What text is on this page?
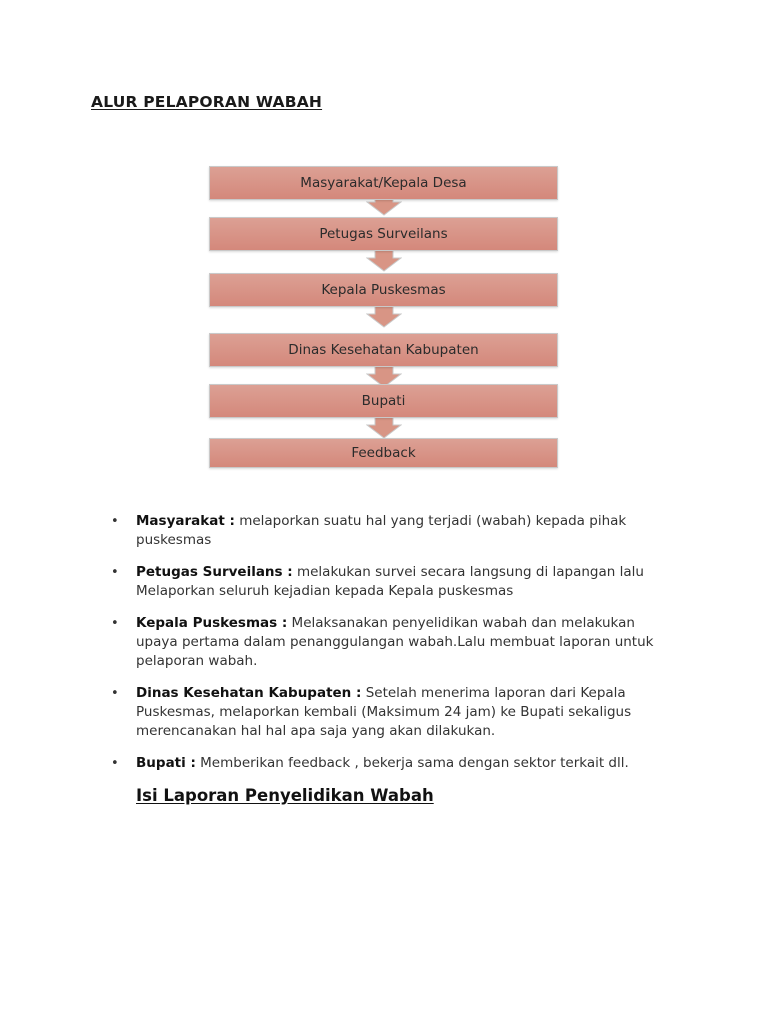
ALUR PELAPORAN WABAH
Masyarakat/Kepala Desa
Petugas Surveilans
Kepala Puskesmas
Dinas Kesehatan Kabupaten
Bupati
Feedback
• Masyarakat : melaporkan suatu hal yang terjadi (wabah) kepada pihak puskesmas
• Petugas Surveilans : melakukan survei secara langsung di lapangan lalu Melaporkan seluruh kejadian kepada Kepala puskesmas
• Kepala Puskesmas : Melaksanakan penyelidikan wabah dan melakukan upaya pertama dalam penanggulangan wabah.Lalu membuat laporan untuk pelaporan wabah.
• Dinas Kesehatan Kabupaten : Setelah menerima laporan dari Kepala Puskesmas, melaporkan kembali (Maksimum 24 jam) ke Bupati sekaligus merencanakan hal hal apa saja yang akan dilakukan.
• Bupati : Memberikan feedback , bekerja sama dengan sektor terkait dll.
Isi Laporan Penyelidikan Wabah
